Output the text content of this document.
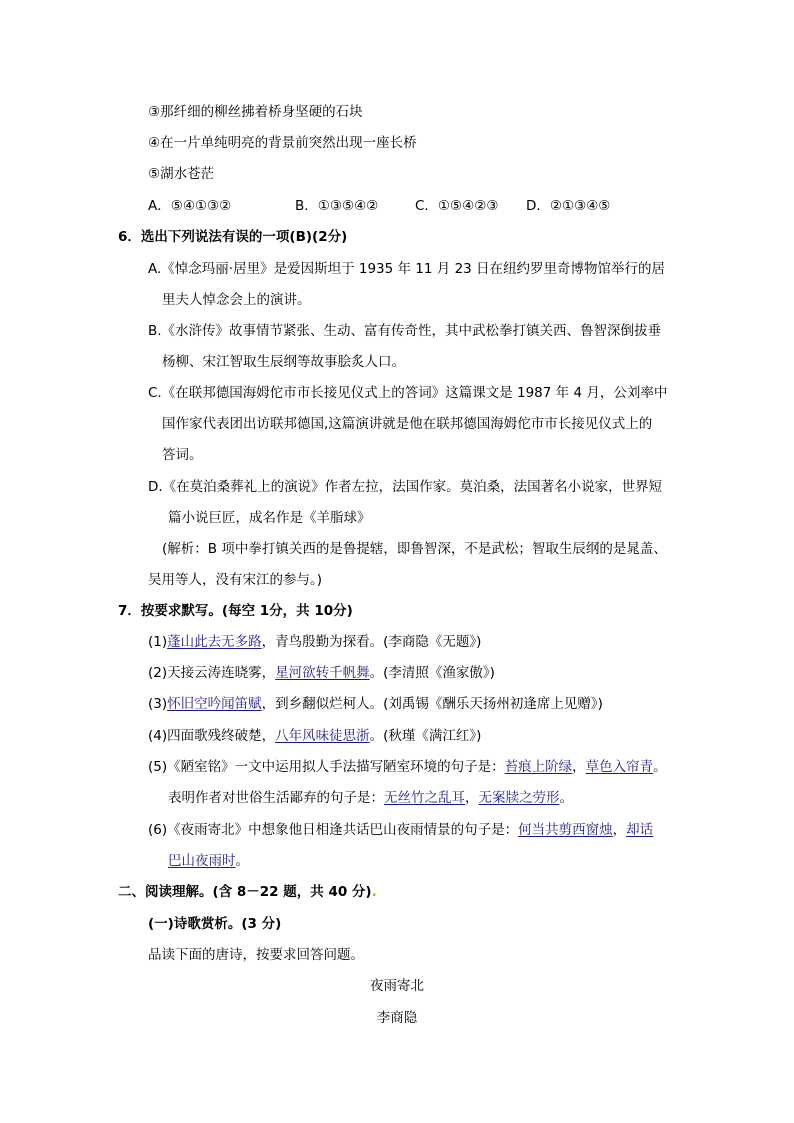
③那纤细的柳丝拂着桥身坚硬的石块
④在一片单纯明亮的背景前突然出现一座长桥
⑤湖水苍茫
A．⑤④①③②	B．①③⑤④②	C．①⑤④②③ D．②①③④⑤
6．选出下列说法有误的一项(B)(2分)
A.《悼念玛丽·居里》是爱因斯坦于 1935 年 11 月 23 日在纽约罗里奇博物馆举行的居
里夫人悼念会上的演讲。
B.《水浒传》故事情节紧张、生动、富有传奇性，其中武松拳打镇关西、鲁智深倒拔垂
杨柳、宋江智取生辰纲等故事脍炙人口。
C.《在联邦德国海姆佗市市长接见仪式上的答词》这篇课文是 1987 年 4 月，公刘率中
国作家代表团出访联邦德国,这篇演讲就是他在联邦德国海姆佗市市长接见仪式上的
答词。
D.《在莫泊桑葬礼上的演说》作者左拉，法国作家。莫泊桑，法国著名小说家，世界短
篇小说巨匠，成名作是《羊脂球》
(解析：B 项中拳打镇关西的是鲁提辖，即鲁智深，不是武松；智取生辰纲的是晁盖、
吴用等人，没有宋江的参与。)
7．按要求默写。(每空 1分，共 10分)
(1)蓬山此去无多路，青鸟殷勤为探看。(李商隐《无题》)
(2)天接云涛连晓雾，星河欲转千帆舞。(李清照《渔家傲》)
(3)怀旧空吟闻笛赋，到乡翻似烂柯人。(刘禹锡《酬乐天扬州初逢席上见赠》)
(4)四面歌残终破楚，八年风味徒思浙。(秋瑾《满江红》)
(5)《陋室铭》一文中运用拟人手法描写陋室环境的句子是：苔痕上阶绿，草色入帘青。
表明作者对世俗生活鄙弃的句子是：无丝竹之乱耳，无案牍之劳形。
(6)《夜雨寄北》中想象他日相逢共话巴山夜雨情景的句子是：何当共剪西窗烛，却话
巴山夜雨时。
二、阅读理解。(含 8－22 题，共 40 分).
(一)诗歌赏析。(3 分)
品读下面的唐诗，按要求回答问题。
夜雨寄北
李商隐
